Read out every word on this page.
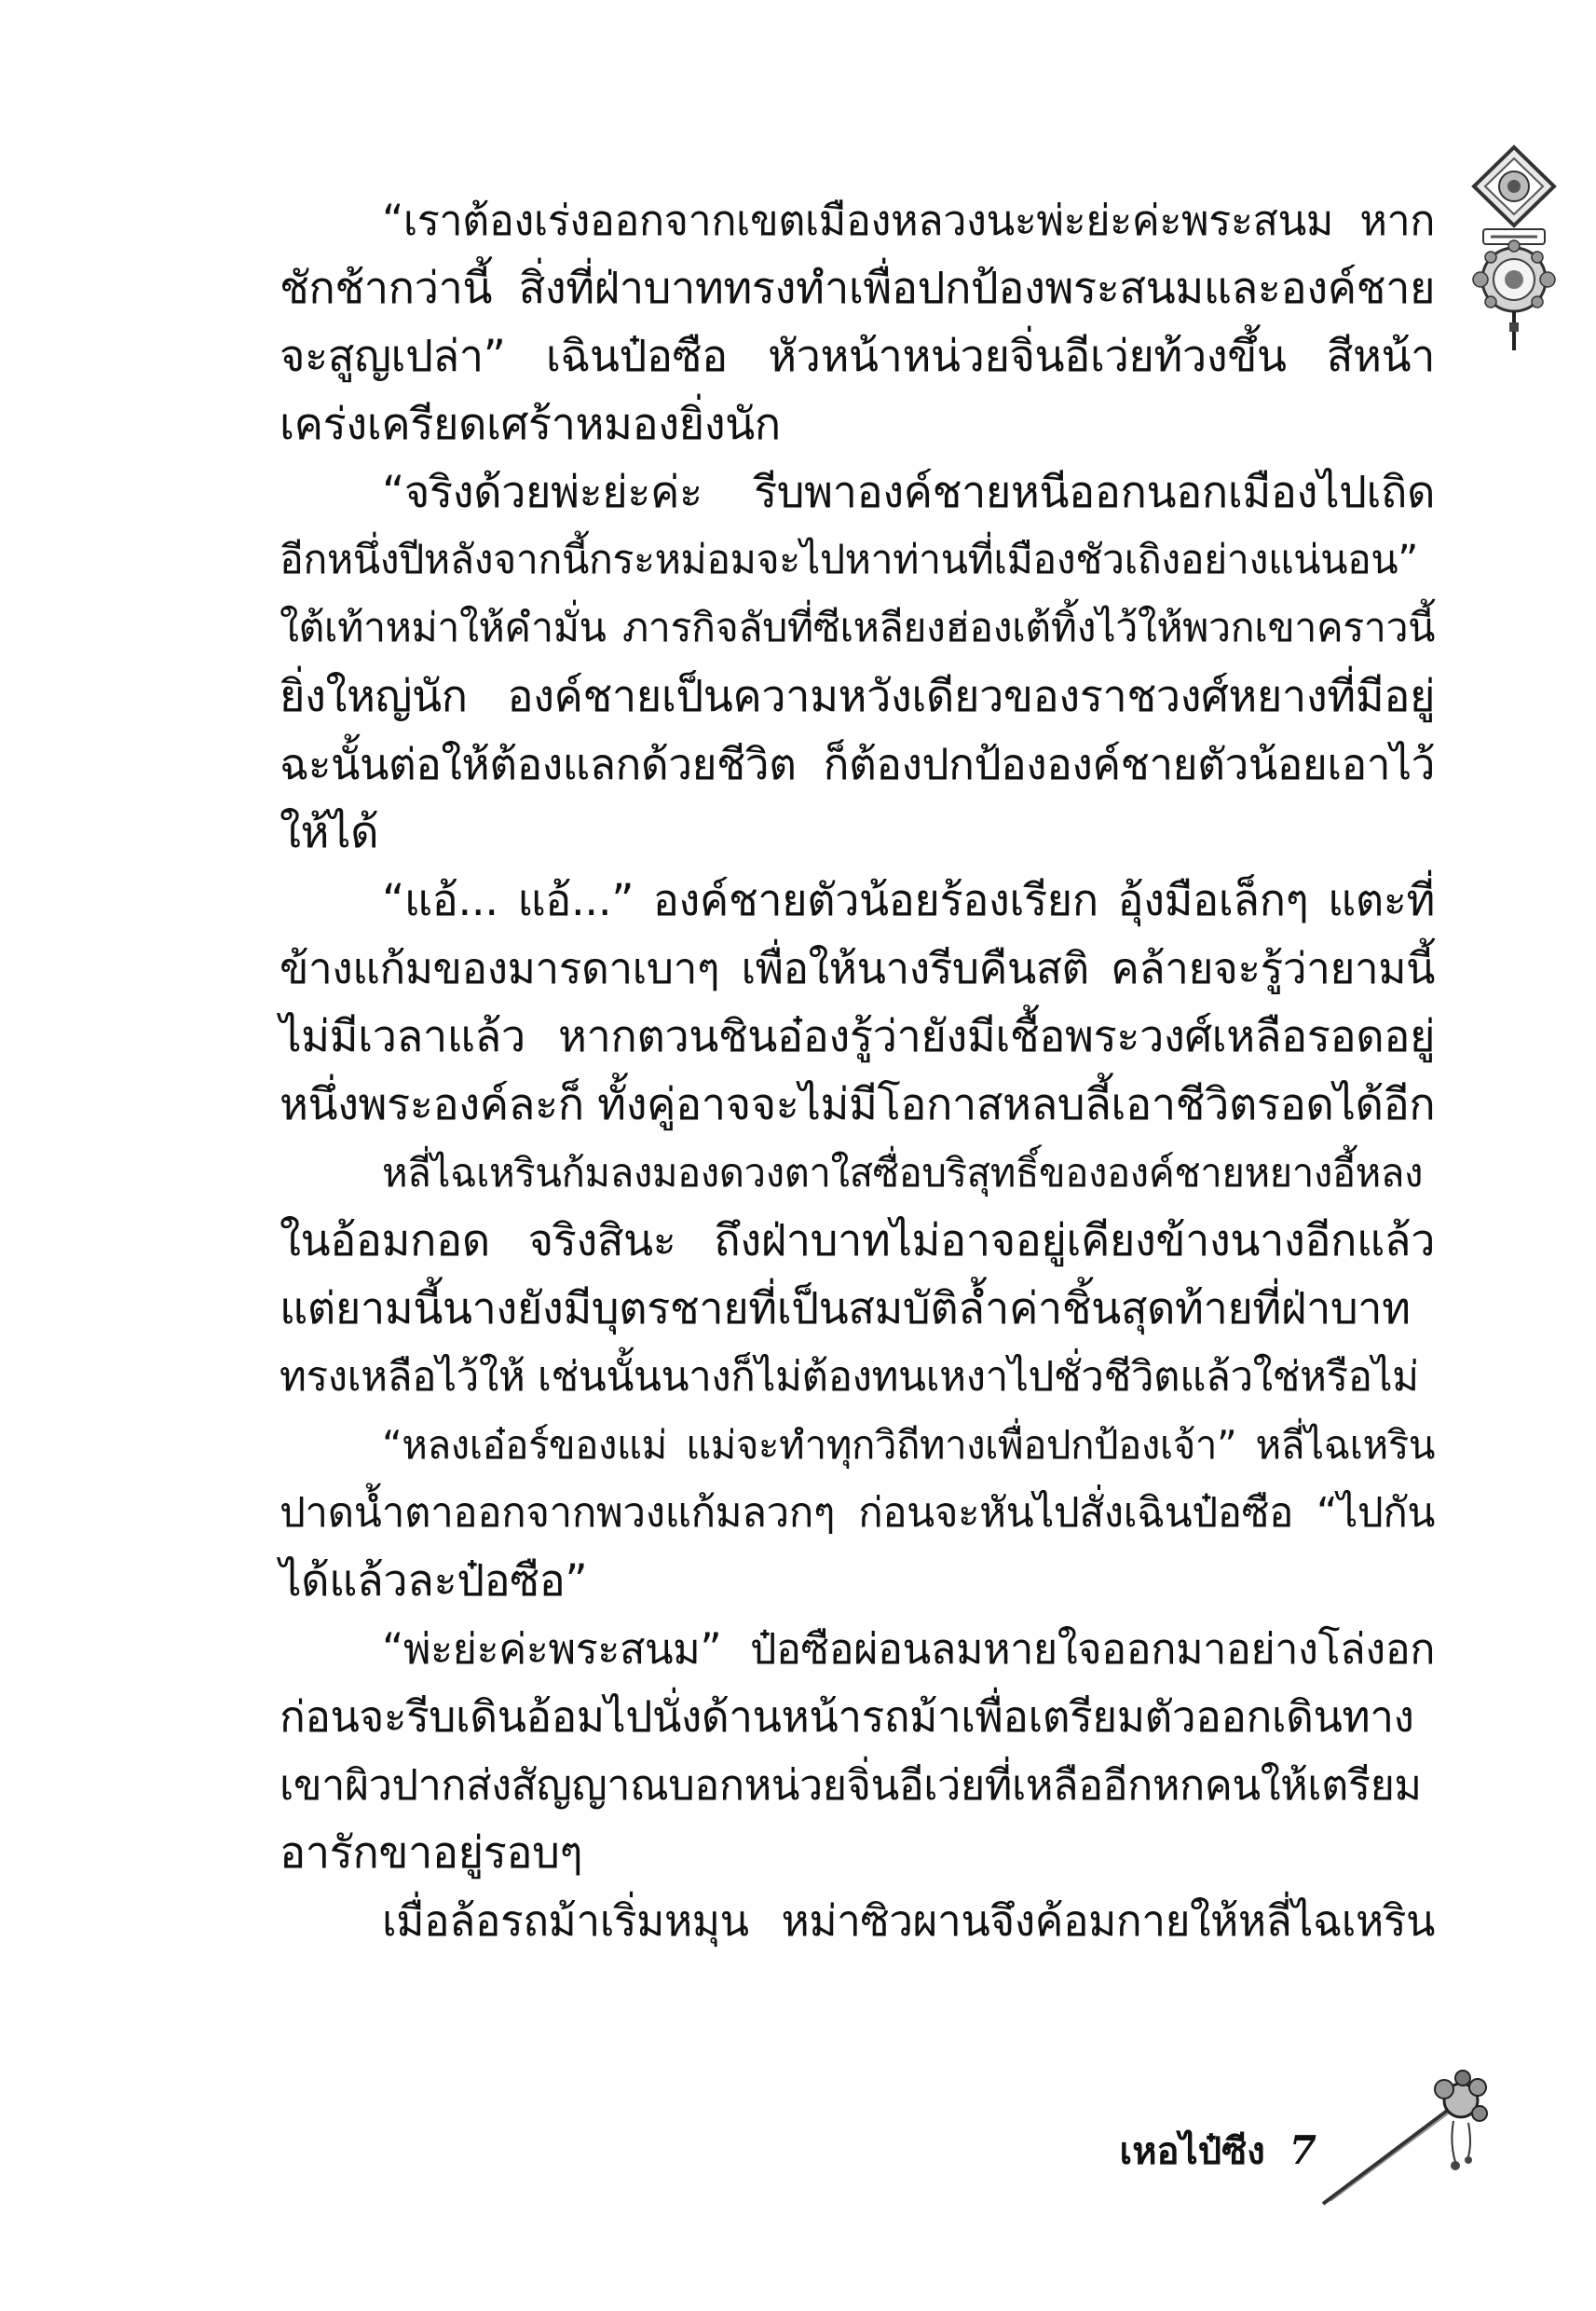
“เราต้องเร่งออกจากเขตเมืองหลวงนะพ่ะย่ะค่ะพระสนม หาก
ชักช้ากว่านี้ สิ่งที่ฝ่าบาททรงทำเพื่อปกป้องพระสนมและองค์ชาย
จะสูญเปล่า” เฉินป๋อซือ หัวหน้าหน่วยจิ่นอีเว่ยท้วงขึ้น สีหน้า
เคร่งเครียดเศร้าหมองยิ่งนัก
“จริงด้วยพ่ะย่ะค่ะ รีบพาองค์ชายหนีออกนอกเมืองไปเถิด
อีกหนึ่งปีหลังจากนี้กระหม่อมจะไปหาท่านที่เมืองชัวเถิงอย่างแน่นอน”
ใต้เท้าหม่าให้คำมั่น ภารกิจลับที่ซีเหลียงฮ่องเต้ทิ้งไว้ให้พวกเขาคราวนี้
ยิ่งใหญ่นัก องค์ชายเป็นความหวังเดียวของราชวงศ์หยางที่มีอยู่
ฉะนั้นต่อให้ต้องแลกด้วยชีวิต ก็ต้องปกป้ององค์ชายตัวน้อยเอาไว้
ให้ได้
“แอ้... แอ้...” องค์ชายตัวน้อยร้องเรียก อุ้งมือเล็กๆ แตะที่
ข้างแก้มของมารดาเบาๆ เพื่อให้นางรีบคืนสติ คล้ายจะรู้ว่ายามนี้
ไม่มีเวลาแล้ว หากตวนชินอ๋องรู้ว่ายังมีเชื้อพระวงศ์เหลือรอดอยู่
หนึ่งพระองค์ละก็ ทั้งคู่อาจจะไม่มีโอกาสหลบลี้เอาชีวิตรอดได้อีก
หลี่ไฉเหรินก้มลงมองดวงตาใสซื่อบริสุทธิ์ขององค์ชายหยางอี้หลง
ในอ้อมกอด จริงสินะ ถึงฝ่าบาทไม่อาจอยู่เคียงข้างนางอีกแล้ว
แต่ยามนี้นางยังมีบุตรชายที่เป็นสมบัติล้ำค่าชิ้นสุดท้ายที่ฝ่าบาท
ทรงเหลือไว้ให้ เช่นนั้นนางก็ไม่ต้องทนเหงาไปชั่วชีวิตแล้วใช่หรือไม่
“หลงเอ๋อร์ของแม่ แม่จะทำทุกวิถีทางเพื่อปกป้องเจ้า” หลี่ไฉเหริน
ปาดน้ำตาออกจากพวงแก้มลวกๆ ก่อนจะหันไปสั่งเฉินป๋อซือ “ไปกัน
ได้แล้วละป๋อซือ”
“พ่ะย่ะค่ะพระสนม” ป๋อซือผ่อนลมหายใจออกมาอย่างโล่งอก
ก่อนจะรีบเดินอ้อมไปนั่งด้านหน้ารถม้าเพื่อเตรียมตัวออกเดินทาง
เขาผิวปากส่งสัญญาณบอกหน่วยจิ่นอีเว่ยที่เหลืออีกหกคนให้เตรียม
อารักขาอยู่รอบๆ
เมื่อล้อรถม้าเริ่มหมุน หม่าซิวผานจึงค้อมกายให้หลี่ไฉเหริน
เหอไป๋ซีง 7
